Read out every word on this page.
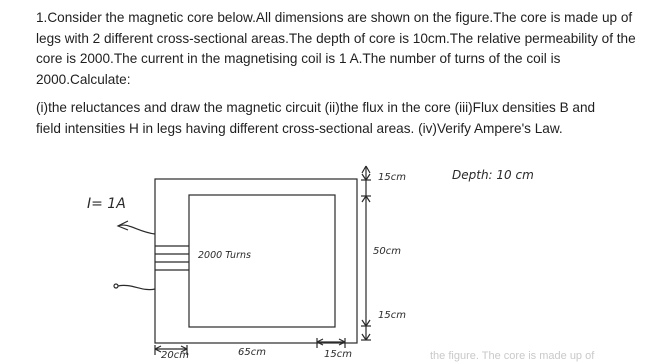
1.Consider the magnetic core below.All dimensions are shown on the figure.The core is made up of

legs with 2 different cross-sectional areas.The depth of core is 10cm.The relative permeability of the

core is 2000.The current in the magnetising coil is 1 A.The number of turns of the coil is

2000.Calculate:

(i)the reluctances and draw the magnetic circuit (ii)the flux in the core (iii)Flux densities B and

field intensities H in legs having different cross-sectional areas. (iv)Verify Ampere's Law.

I= 1A
2000 Turns
Depth: 10 cm
15cm
50cm
15cm
20cm	65cm	15cm	the figure. The core is made up of
